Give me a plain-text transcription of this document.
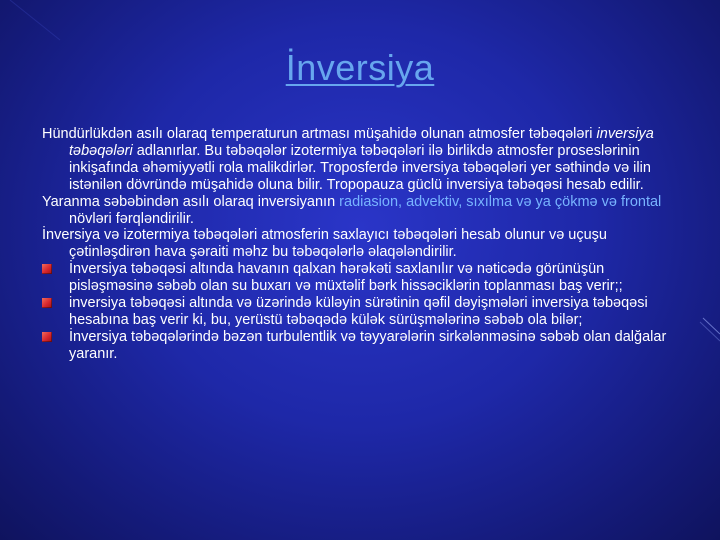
İnversiya

Hündürlükdən asılı olaraq temperaturun artması müşahidə olunan atmosfer təbəqələri inversiya təbəqələri adlanırlar. Bu təbəqələr izotermiya təbəqələri ilə birlikdə atmosfer proseslərinin inkişafında əhəmiyyətli rola malikdirlər. Troposferdə inversiya təbəqələri yer səthində və ilin istənilən dövründə müşahidə oluna bilir. Tropopauza güclü inversiya təbəqəsi hesab edilir.

Yaranma səbəbindən asılı olaraq inversiyanın radiasion, advektiv, sıxılma və ya çökmə və frontal növləri fərqləndirilir.

İnversiya və izotermiya təbəqələri atmosferin saxlayıcı təbəqələri hesab olunur və uçuşu çətinləşdirən hava şəraiti məhz bu təbəqələrlə əlaqələndirilir.

İnversiya təbəqəsi altında havanın qalxan hərəkəti saxlanılır və nəticədə görünüşün pisləşməsinə səbəb olan su buxarı və müxtəlif bərk hissəciklərin toplanması baş verir;;
inversiya təbəqəsi altında və üzərində küləyin sürətinin qəfil dəyişmələri inversiya təbəqəsi hesabına baş verir ki, bu, yerüstü təbəqədə külək sürüşmələrinə səbəb ola bilər;
İnversiya təbəqələrində bəzən turbulentlik və təyyarələrin sirkələnməsinə səbəb olan dalğalar yaranır.
